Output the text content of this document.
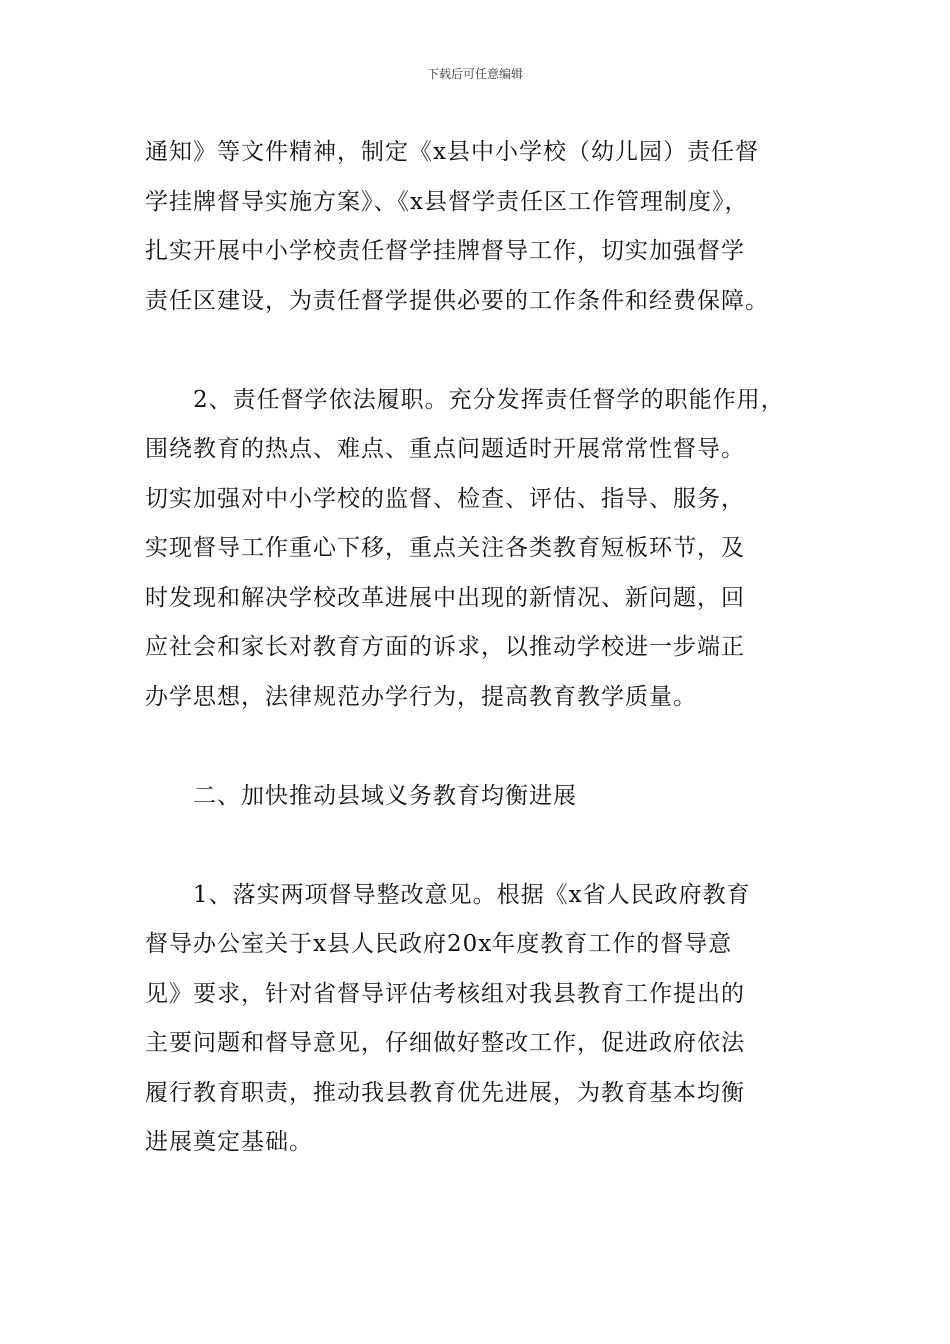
下载后可任意编辑

通知》等文件精神，制定《x县中小学校（幼儿园）责任督
学挂牌督导实施方案》、《x县督学责任区工作管理制度》，
扎实开展中小学校责任督学挂牌督导工作，切实加强督学
责任区建设，为责任督学提供必要的工作条件和经费保障。

2、责任督学依法履职。充分发挥责任督学的职能作用，
围绕教育的热点、难点、重点问题适时开展常常性督导。
切实加强对中小学校的监督、检查、评估、指导、服务，
实现督导工作重心下移，重点关注各类教育短板环节，及
时发现和解决学校改革进展中出现的新情况、新问题，回
应社会和家长对教育方面的诉求，以推动学校进一步端正
办学思想，法律规范办学行为，提高教育教学质量。

二、加快推动县域义务教育均衡进展

1、落实两项督导整改意见。根据《x省人民政府教育
督导办公室关于x县人民政府20x年度教育工作的督导意
见》要求，针对省督导评估考核组对我县教育工作提出的
主要问题和督导意见，仔细做好整改工作，促进政府依法
履行教育职责，推动我县教育优先进展，为教育基本均衡
进展奠定基础。
